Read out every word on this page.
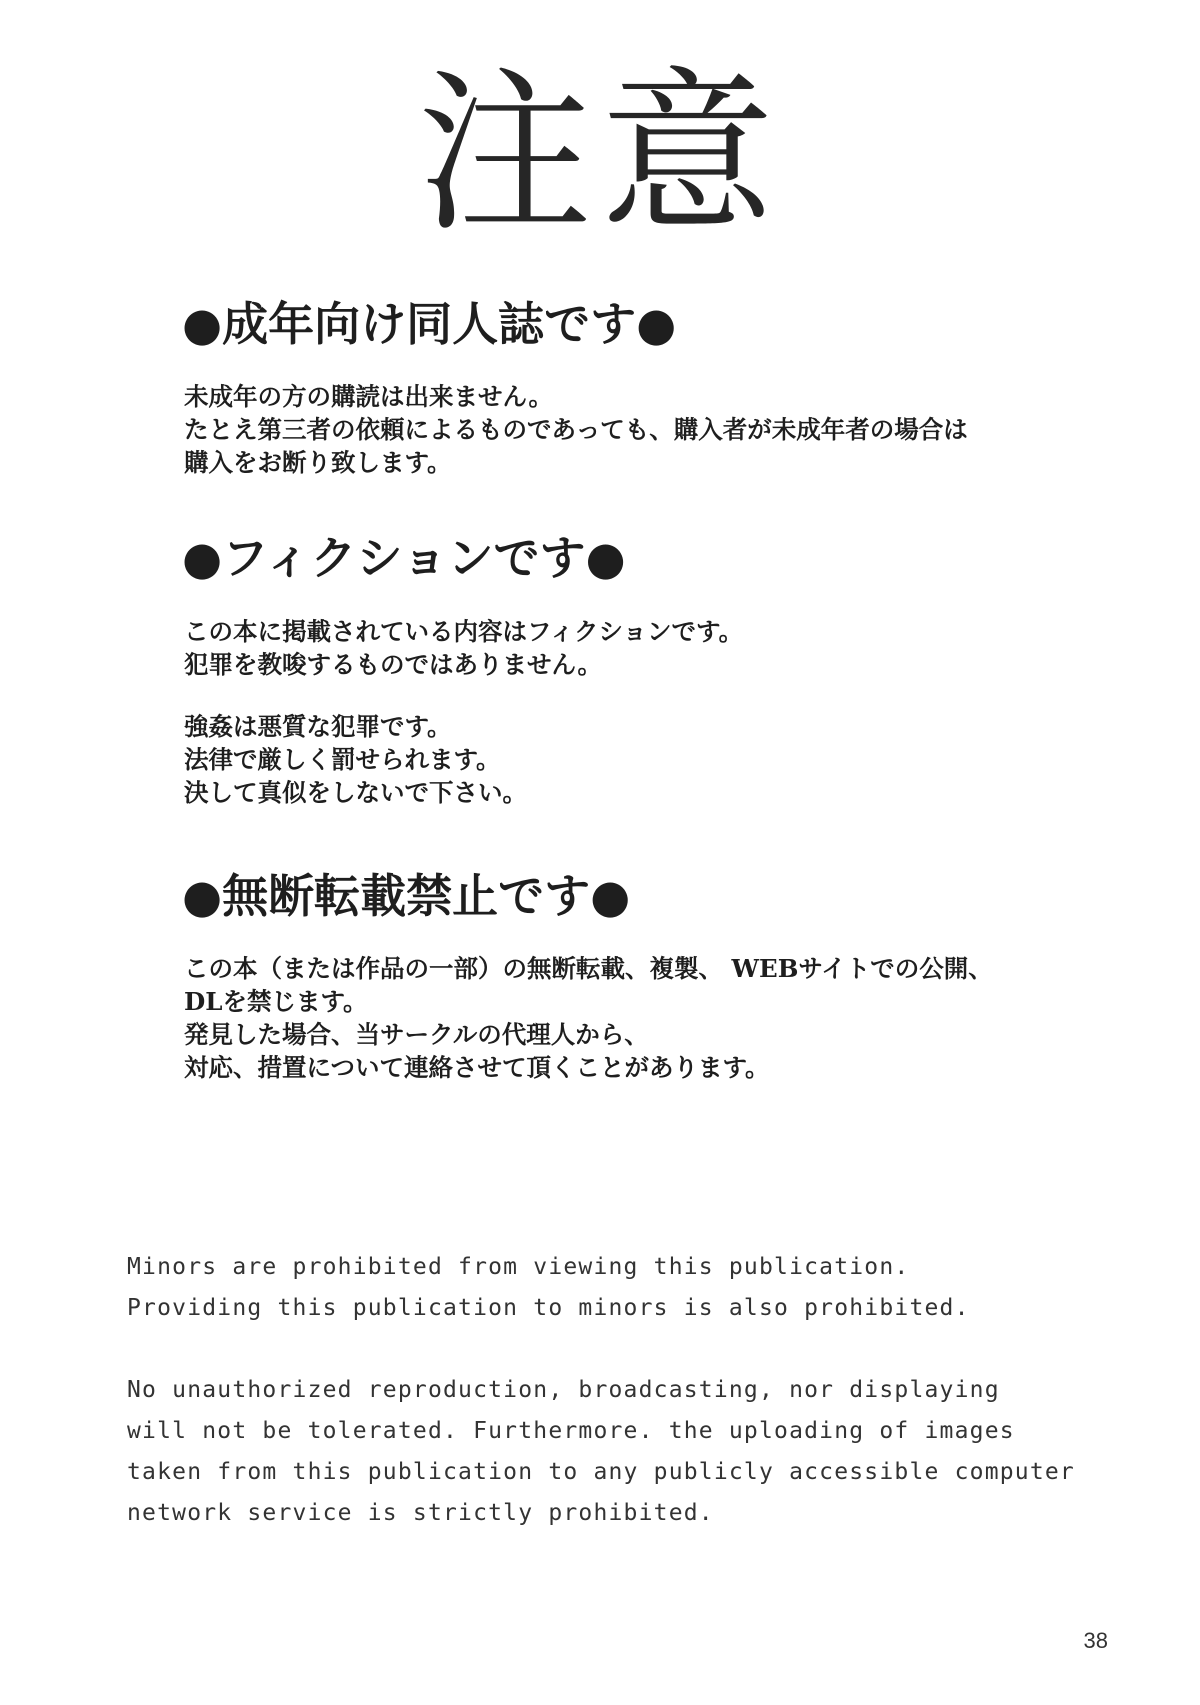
注意
●成年向け同人誌です●

未成年の方の購読は出来ません。

たとえ第三者の依頼によるものであっても、購入者が未成年者の場合は

購入をお断り致します。

●フィクションです●

この本に掲載されている内容はフィクションです。

犯罪を教唆するものではありません。

強姦は悪質な犯罪です。

法律で厳しく罰せられます。

決して真似をしないで下さい。

●無断転載禁止です●

この本（または作品の一部）の無断転載、複製、 WEBサイトでの公開、

DLを禁じます。

発見した場合、当サークルの代理人から、

対応、措置について連絡させて頂くことがあります。

Minors are prohibited from viewing this publication.

Providing this publication to minors is also prohibited.

No unauthorized reproduction, broadcasting, nor displaying

will not be tolerated. Furthermore. the uploading of images

taken from this publication to any publicly accessible computer

network service is strictly prohibited.

38
